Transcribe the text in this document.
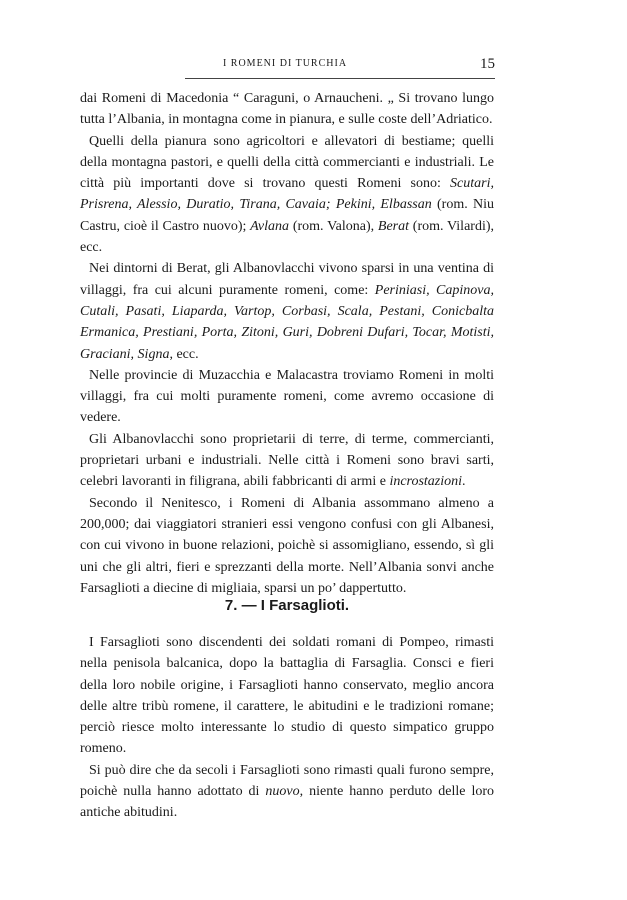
I ROMENI DI TURCHIA	15

dai Romeni di Macedonia “ Caraguni, o Arnaucheni. „ Si trovano lungo tutta l’Albania, in montagna come in pianura, e sulle coste dell’Adriatico.

Quelli della pianura sono agricoltori e allevatori di bestiame; quelli della montagna pastori, e quelli della città commercianti e industriali. Le città più importanti dove si trovano questi Romeni sono: Scutari, Prisrena, Alessio, Duratio, Tirana, Cavaia; Pekini, Elbassan (rom. Niu Castru, cioè il Castro nuovo); Avlana (rom. Valona), Berat (rom. Vilardi), ecc.

Nei dintorni di Berat, gli Albanovlacchi vivono sparsi in una ventina di villaggi, fra cui alcuni puramente romeni, come: Periniasi, Capinova, Cutali, Pasati, Liaparda, Vartop, Corbasi, Scala, Pestani, Conicbalta Ermanica, Prestiani, Porta, Zitoni, Guri, Dobreni Dufari, Tocar, Motisti, Graciani, Signa, ecc.

Nelle provincie di Muzacchia e Malacastra troviamo Romeni in molti villaggi, fra cui molti puramente romeni, come avremo occasione di vedere.

Gli Albanovlacchi sono proprietarii di terre, di terme, commercianti, proprietari urbani e industriali. Nelle città i Romeni sono bravi sarti, celebri lavoranti in filigrana, abili fabbricanti di armi e incrostazioni.

Secondo il Nenitesco, i Romeni di Albania assommano almeno a 200,000; dai viaggiatori stranieri essi vengono confusi con gli Albanesi, con cui vivono in buone relazioni, poichè si assomigliano, essendo, sì gli uni che gli altri, fieri e sprezzanti della morte. Nell’Albania sonvi anche Farsaglioti a diecine di migliaia, sparsi un po’ dappertutto.

7. — I Farsaglioti.

I Farsaglioti sono discendenti dei soldati romani di Pompeo, rimasti nella penisola balcanica, dopo la battaglia di Farsaglia. Consci e fieri della loro nobile origine, i Farsaglioti hanno conservato, meglio ancora delle altre tribù romene, il carattere, le abitudini e le tradizioni romane; perciò riesce molto interessante lo studio di questo simpatico gruppo romeno.

Si può dire che da secoli i Farsaglioti sono rimasti quali furono sempre, poichè nulla hanno adottato di nuovo, niente hanno perduto delle loro antiche abitudini.
